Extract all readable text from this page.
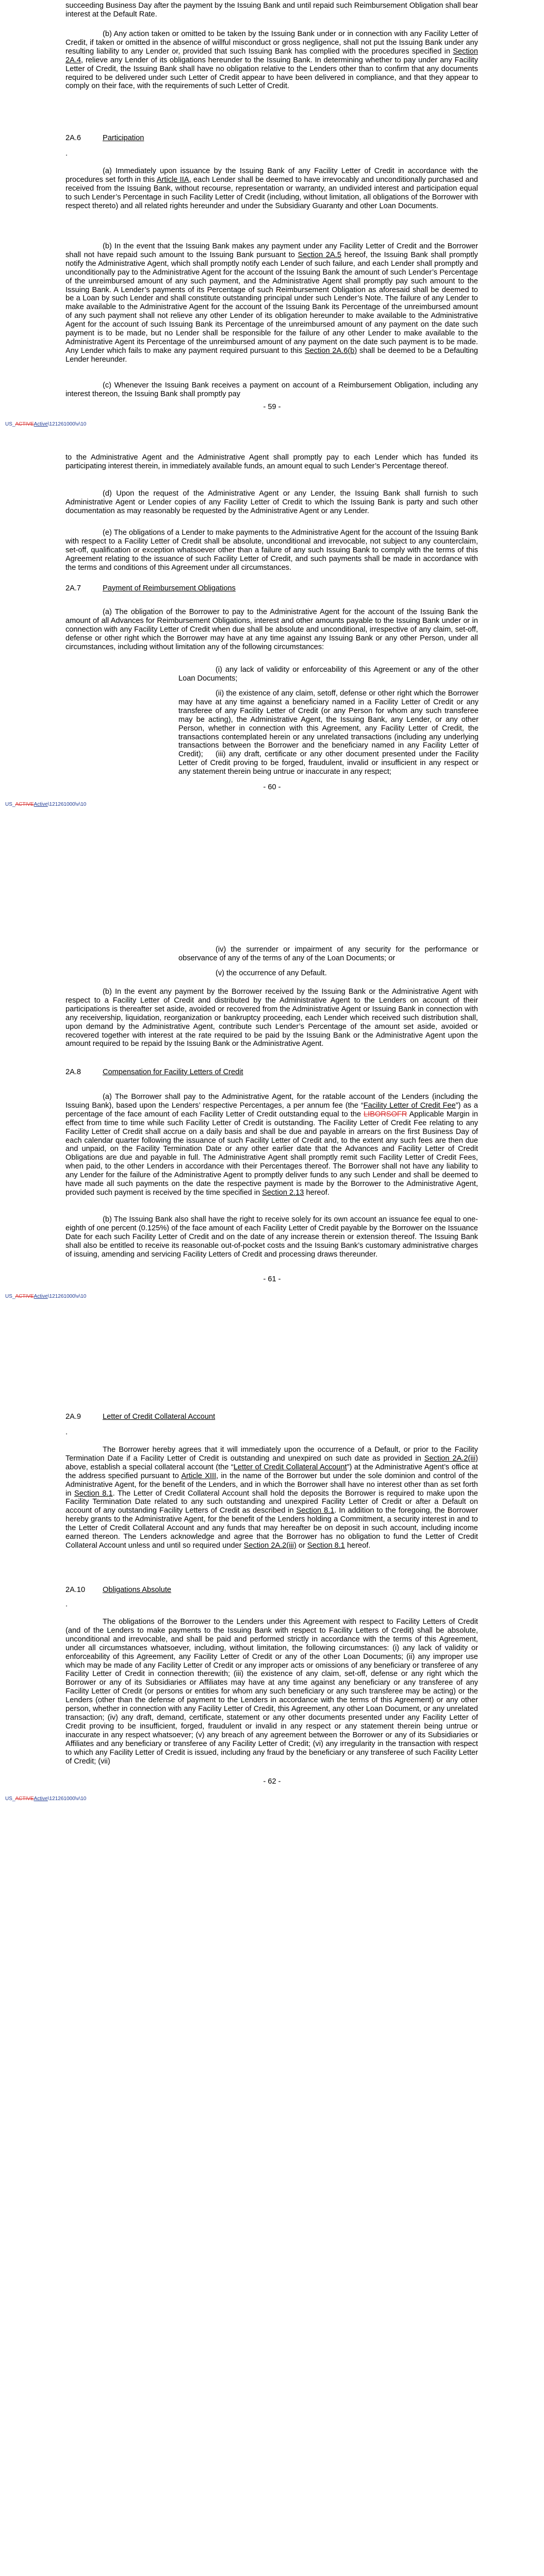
succeeding Business Day after the payment by the Issuing Bank and until repaid such Reimbursement Obligation shall bear interest at the Default Rate.

(b) Any action taken or omitted to be taken by the Issuing Bank under or in connection with any Facility Letter of Credit, if taken or omitted in the absence of willful misconduct or gross negligence, shall not put the Issuing Bank under any resulting liability to any Lender or, provided that such Issuing Bank has complied with the procedures specified in Section 2A.4, relieve any Lender of its obligations hereunder to the Issuing Bank. In determining whether to pay under any Facility Letter of Credit, the Issuing Bank shall have no obligation relative to the Lenders other than to confirm that any documents required to be delivered under such Letter of Credit appear to have been delivered in compliance, and that they appear to comply on their face, with the requirements of such Letter of Credit.

2A.6	Participation
.

(a) Immediately upon issuance by the Issuing Bank of any Facility Letter of Credit in accordance with the procedures set forth in this Article IIA, each Lender shall be deemed to have irrevocably and unconditionally purchased and received from the Issuing Bank, without recourse, representation or warranty, an undivided interest and participation equal to such Lender’s Percentage in such Facility Letter of Credit (including, without limitation, all obligations of the Borrower with respect thereto) and all related rights hereunder and under the Subsidiary Guaranty and other Loan Documents.

(b) In the event that the Issuing Bank makes any payment under any Facility Letter of Credit and the Borrower shall not have repaid such amount to the Issuing Bank pursuant to Section 2A.5 hereof, the Issuing Bank shall promptly notify the Administrative Agent, which shall promptly notify each Lender of such failure, and each Lender shall promptly and unconditionally pay to the Administrative Agent for the account of the Issuing Bank the amount of such Lender’s Percentage of the unreimbursed amount of any such payment, and the Administrative Agent shall promptly pay such amount to the Issuing Bank. A Lender’s payments of its Percentage of such Reimbursement Obligation as aforesaid shall be deemed to be a Loan by such Lender and shall constitute outstanding principal under such Lender’s Note. The failure of any Lender to make available to the Administrative Agent for the account of the Issuing Bank its Percentage of the unreimbursed amount of any such payment shall not relieve any other Lender of its obligation hereunder to make available to the Administrative Agent for the account of such Issuing Bank its Percentage of the unreimbursed amount of any payment on the date such payment is to be made, but no Lender shall be responsible for the failure of any other Lender to make available to the Administrative Agent its Percentage of the unreimbursed amount of any payment on the date such payment is to be made. Any Lender which fails to make any payment required pursuant to this Section 2A.6(b) shall be deemed to be a Defaulting Lender hereunder.

(c) Whenever the Issuing Bank receives a payment on account of a Reimbursement Obligation, including any interest thereon, the Issuing Bank shall promptly pay

- 59 -
US_ACTIVEActive\121261000\v\10

to the Administrative Agent and the Administrative Agent shall promptly pay to each Lender which has funded its participating interest therein, in immediately available funds, an amount equal to such Lender’s Percentage thereof.

(d) Upon the request of the Administrative Agent or any Lender, the Issuing Bank shall furnish to such Administrative Agent or Lender copies of any Facility Letter of Credit to which the Issuing Bank is party and such other documentation as may reasonably be requested by the Administrative Agent or any Lender.

(e) The obligations of a Lender to make payments to the Administrative Agent for the account of the Issuing Bank with respect to a Facility Letter of Credit shall be absolute, unconditional and irrevocable, not subject to any counterclaim, set-off, qualification or exception whatsoever other than a failure of any such Issuing Bank to comply with the terms of this Agreement relating to the issuance of such Facility Letter of Credit, and such payments shall be made in accordance with the terms and conditions of this Agreement under all circumstances.

2A.7	Payment of Reimbursement Obligations

(a) The obligation of the Borrower to pay to the Administrative Agent for the account of the Issuing Bank the amount of all Advances for Reimbursement Obligations, interest and other amounts payable to the Issuing Bank under or in connection with any Facility Letter of Credit when due shall be absolute and unconditional, irrespective of any claim, set-off, defense or other right which the Borrower may have at any time against any Issuing Bank or any other Person, under all circumstances, including without limitation any of the following circumstances:

(i) any lack of validity or enforceability of this Agreement or any of the other Loan Documents;

(ii) the existence of any claim, setoff, defense or other right which the Borrower may have at any time against a beneficiary named in a Facility Letter of Credit or any transferee of any Facility Letter of Credit (or any Person for whom any such transferee may be acting), the Administrative Agent, the Issuing Bank, any Lender, or any other Person, whether in connection with this Agreement, any Facility Letter of Credit, the transactions contemplated herein or any unrelated transactions (including any underlying transactions between the Borrower and the beneficiary named in any Facility Letter of Credit);	(iii) any draft, certificate or any other document presented under the Facility Letter of Credit proving to be forged, fraudulent, invalid or insufficient in any respect or any statement therein being untrue or inaccurate in any respect;

- 60 -
US_ACTIVEActive\121261000\v\10

(iv) the surrender or impairment of any security for the performance or observance of any of the terms of any of the Loan Documents; or

(v) the occurrence of any Default.

(b) In the event any payment by the Borrower received by the Issuing Bank or the Administrative Agent with respect to a Facility Letter of Credit and distributed by the Administrative Agent to the Lenders on account of their participations is thereafter set aside, avoided or recovered from the Administrative Agent or Issuing Bank in connection with any receivership, liquidation, reorganization or bankruptcy proceeding, each Lender which received such distribution shall, upon demand by the Administrative Agent, contribute such Lender’s Percentage of the amount set aside, avoided or recovered together with interest at the rate required to be paid by the Issuing Bank or the Administrative Agent upon the amount required to be repaid by the Issuing Bank or the Administrative Agent.

2A.8	Compensation for Facility Letters of Credit

(a) The Borrower shall pay to the Administrative Agent, for the ratable account of the Lenders (including the Issuing Bank), based upon the Lenders’ respective Percentages, a per annum fee (the “Facility Letter of Credit Fee”) as a percentage of the face amount of each Facility Letter of Credit outstanding equal to the LIBORSOFR Applicable Margin in effect from time to time while such Facility Letter of Credit is outstanding. The Facility Letter of Credit Fee relating to any Facility Letter of Credit shall accrue on a daily basis and shall be due and payable in arrears on the first Business Day of each calendar quarter following the issuance of such Facility Letter of Credit and, to the extent any such fees are then due and unpaid, on the Facility Termination Date or any other earlier date that the Advances and Facility Letter of Credit Obligations are due and payable in full. The Administrative Agent shall promptly remit such Facility Letter of Credit Fees, when paid, to the other Lenders in accordance with their Percentages thereof. The Borrower shall not have any liability to any Lender for the failure of the Administrative Agent to promptly deliver funds to any such Lender and shall be deemed to have made all such payments on the date the respective payment is made by the Borrower to the Administrative Agent, provided such payment is received by the time specified in Section 2.13 hereof.

(b) The Issuing Bank also shall have the right to receive solely for its own account an issuance fee equal to one-eighth of one percent (0.125%) of the face amount of each Facility Letter of Credit payable by the Borrower on the Issuance Date for each such Facility Letter of Credit and on the date of any increase therein or extension thereof. The Issuing Bank shall also be entitled to receive its reasonable out-of-pocket costs and the Issuing Bank’s customary administrative charges of issuing, amending and servicing Facility Letters of Credit and processing draws thereunder.

- 61 -
US_ACTIVEActive\121261000\v\10
2A.9	Letter of Credit Collateral Account
.

The Borrower hereby agrees that it will immediately upon the occurrence of a Default, or prior to the Facility Termination Date if a Facility Letter of Credit is outstanding and unexpired on such date as provided in Section 2A.2(iii) above, establish a special collateral account (the “Letter of Credit Collateral Account”) at the Administrative Agent’s office at the address specified pursuant to Article XIII, in the name of the Borrower but under the sole dominion and control of the Administrative Agent, for the benefit of the Lenders, and in which the Borrower shall have no interest other than as set forth in Section 8.1. The Letter of Credit Collateral Account shall hold the deposits the Borrower is required to make upon the Facility Termination Date related to any such outstanding and unexpired Facility Letter of Credit or after a Default on account of any outstanding Facility Letters of Credit as described in Section 8.1. In addition to the foregoing, the Borrower hereby grants to the Administrative Agent, for the benefit of the Lenders holding a Commitment, a security interest in and to the Letter of Credit Collateral Account and any funds that may hereafter be on deposit in such account, including income earned thereon. The Lenders acknowledge and agree that the Borrower has no obligation to fund the Letter of Credit Collateral Account unless and until so required under Section 2A.2(iii) or Section 8.1 hereof.

2A.10 Obligations Absolute
.

The obligations of the Borrower to the Lenders under this Agreement with respect to Facility Letters of Credit (and of the Lenders to make payments to the Issuing Bank with respect to Facility Letters of Credit) shall be absolute, unconditional and irrevocable, and shall be paid and performed strictly in accordance with the terms of this Agreement, under all circumstances whatsoever, including, without limitation, the following circumstances: (i) any lack of validity or enforceability of this Agreement, any Facility Letter of Credit or any of the other Loan Documents; (ii) any improper use which may be made of any Facility Letter of Credit or any improper acts or omissions of any beneficiary or transferee of any Facility Letter of Credit in connection therewith; (iii) the existence of any claim, set-off, defense or any right which the Borrower or any of its Subsidiaries or Affiliates may have at any time against any beneficiary or any transferee of any Facility Letter of Credit (or persons or entities for whom any such beneficiary or any such transferee may be acting) or the Lenders (other than the defense of payment to the Lenders in accordance with the terms of this Agreement) or any other person, whether in connection with any Facility Letter of Credit, this Agreement, any other Loan Document, or any unrelated transaction; (iv) any draft, demand, certificate, statement or any other documents presented under any Facility Letter of Credit proving to be insufficient, forged, fraudulent or invalid in any respect or any statement therein being untrue or inaccurate in any respect whatsoever; (v) any breach of any agreement between the Borrower or any of its Subsidiaries or Affiliates and any beneficiary or transferee of any Facility Letter of Credit; (vi) any irregularity in the transaction with respect to which any Facility Letter of Credit is issued, including any fraud by the beneficiary or any transferee of such Facility Letter of Credit; (vii)

- 62 -
US_ACTIVEActive\121261000\v\10
